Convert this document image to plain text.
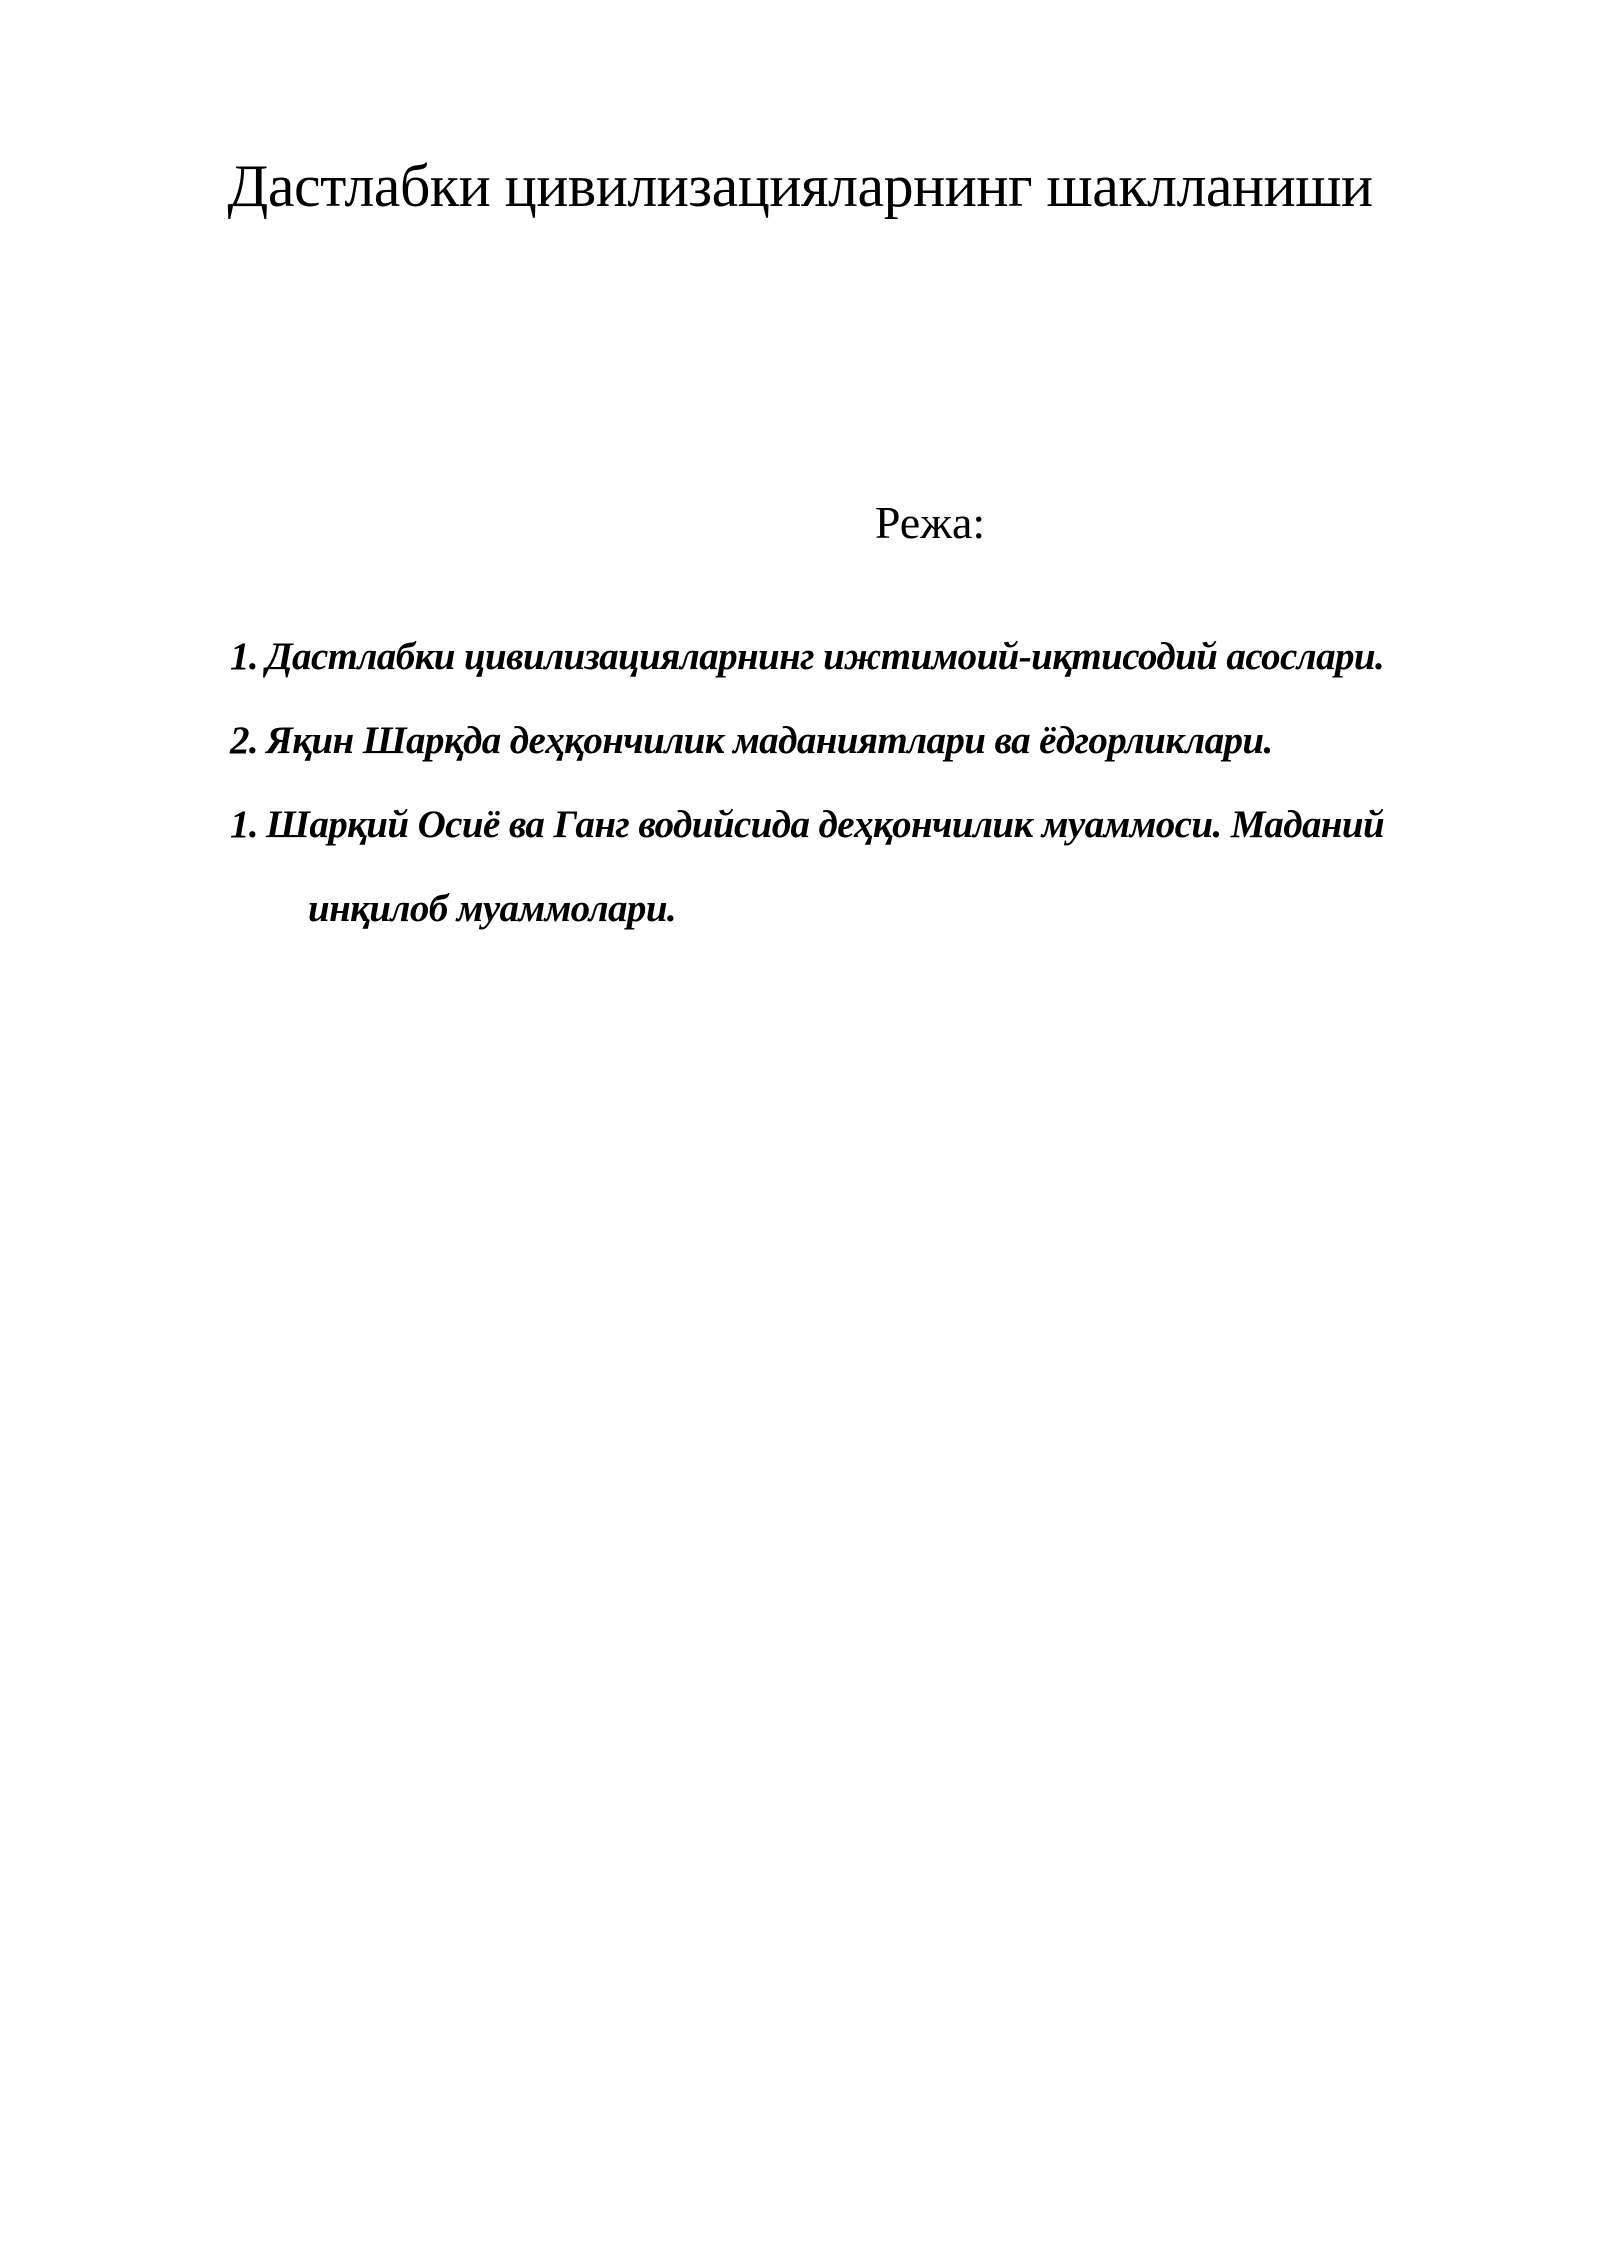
Дастлабки цивилизацияларнинг шаклланиши
Режа:
1. Дастлабки цивилизацияларнинг ижтимоий-иқтисодий асослари.
2. Яқин Шарқда деҳқончилик маданиятлари ва ёдгорликлари.
1. Шарқий Осиё ва Ганг водийсида деҳқончилик муаммоси. Маданий
инқилоб муаммолари.
